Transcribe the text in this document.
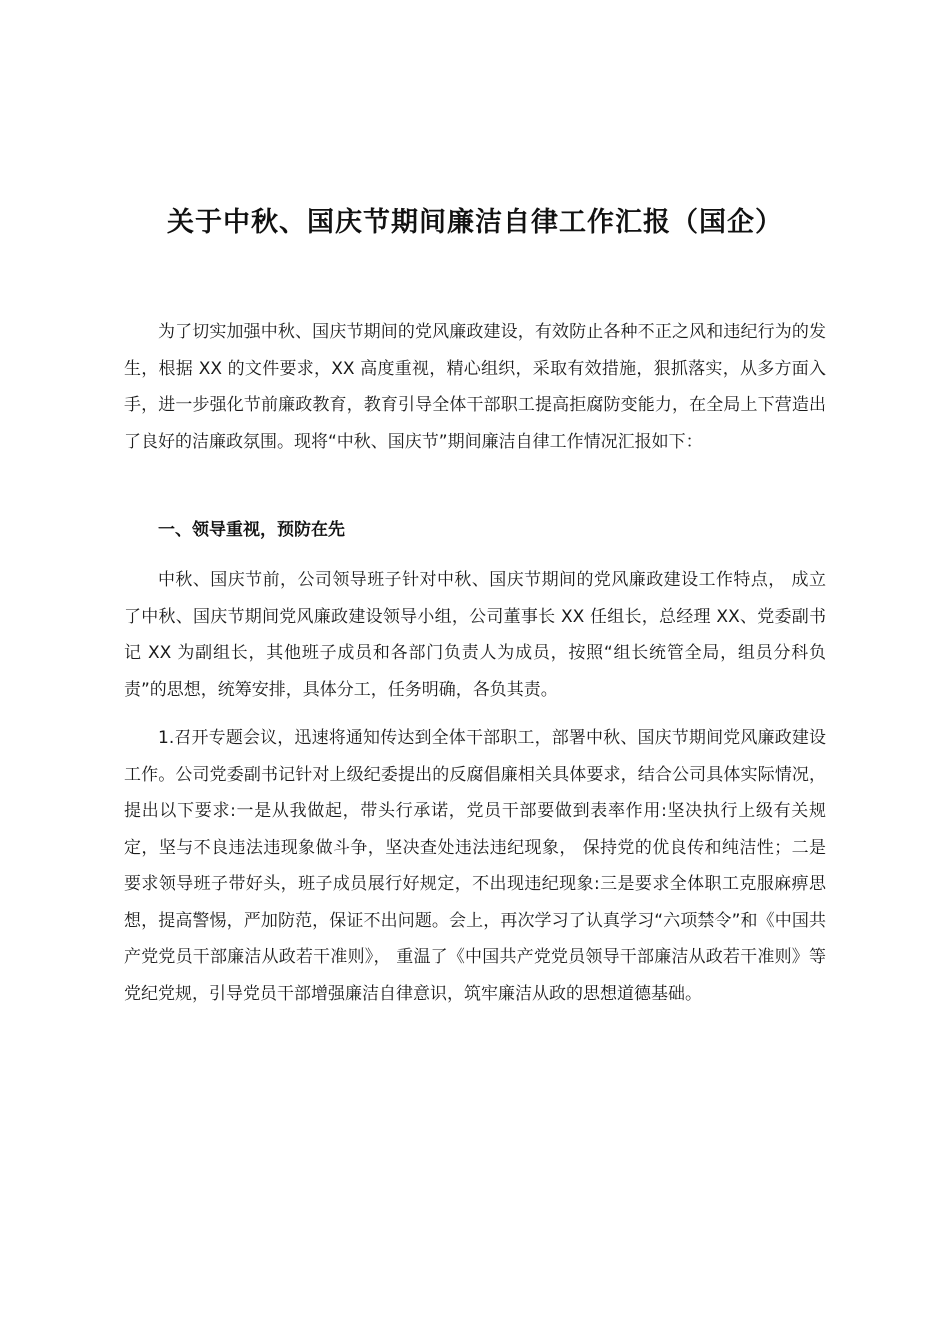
关于中秋、国庆节期间廉洁自律工作汇报（国企）

为了切实加强中秋、国庆节期间的党风廉政建设，有效防止各种不正之风和违纪行为的发生，根据 XX 的文件要求，XX 高度重视，精心组织，采取有效措施，狠抓落实，从多方面入手，进一步强化节前廉政教育，教育引导全体干部职工提高拒腐防变能力，在全局上下营造出了良好的洁廉政氛围。现将“中秋、国庆节”期间廉洁自律工作情况汇报如下：

一、领导重视，预防在先

中秋、国庆节前，公司领导班子针对中秋、国庆节期间的党风廉政建设工作特点， 成立了中秋、国庆节期间党风廉政建设领导小组，公司董事长 XX 任组长，总经理 XX、党委副书记 XX 为副组长，其他班子成员和各部门负责人为成员，按照“组长统管全局，组员分科负责”的思想，统筹安排，具体分工，任务明确，各负其责。

1.召开专题会议，迅速将通知传达到全体干部职工，部署中秋、国庆节期间党风廉政建设工作。公司党委副书记针对上级纪委提出的反腐倡廉相关具体要求，结合公司具体实际情况，提出以下要求:一是从我做起，带头行承诺，党员干部要做到表率作用:坚决执行上级有关规定，坚与不良违法违现象做斗争，坚决查处违法违纪现象， 保持党的优良传和纯洁性；二是要求领导班子带好头，班子成员展行好规定，不出现违纪现象:三是要求全体职工克服麻痹思想，提高警惕，严加防范，保证不出问题。会上，再次学习了认真学习“六项禁令”和《中国共产党党员干部廉洁从政若干准则》， 重温了《中国共产党党员领导干部廉洁从政若干准则》等党纪党规，引导党员干部增强廉洁自律意识，筑牢廉洁从政的思想道德基础。
